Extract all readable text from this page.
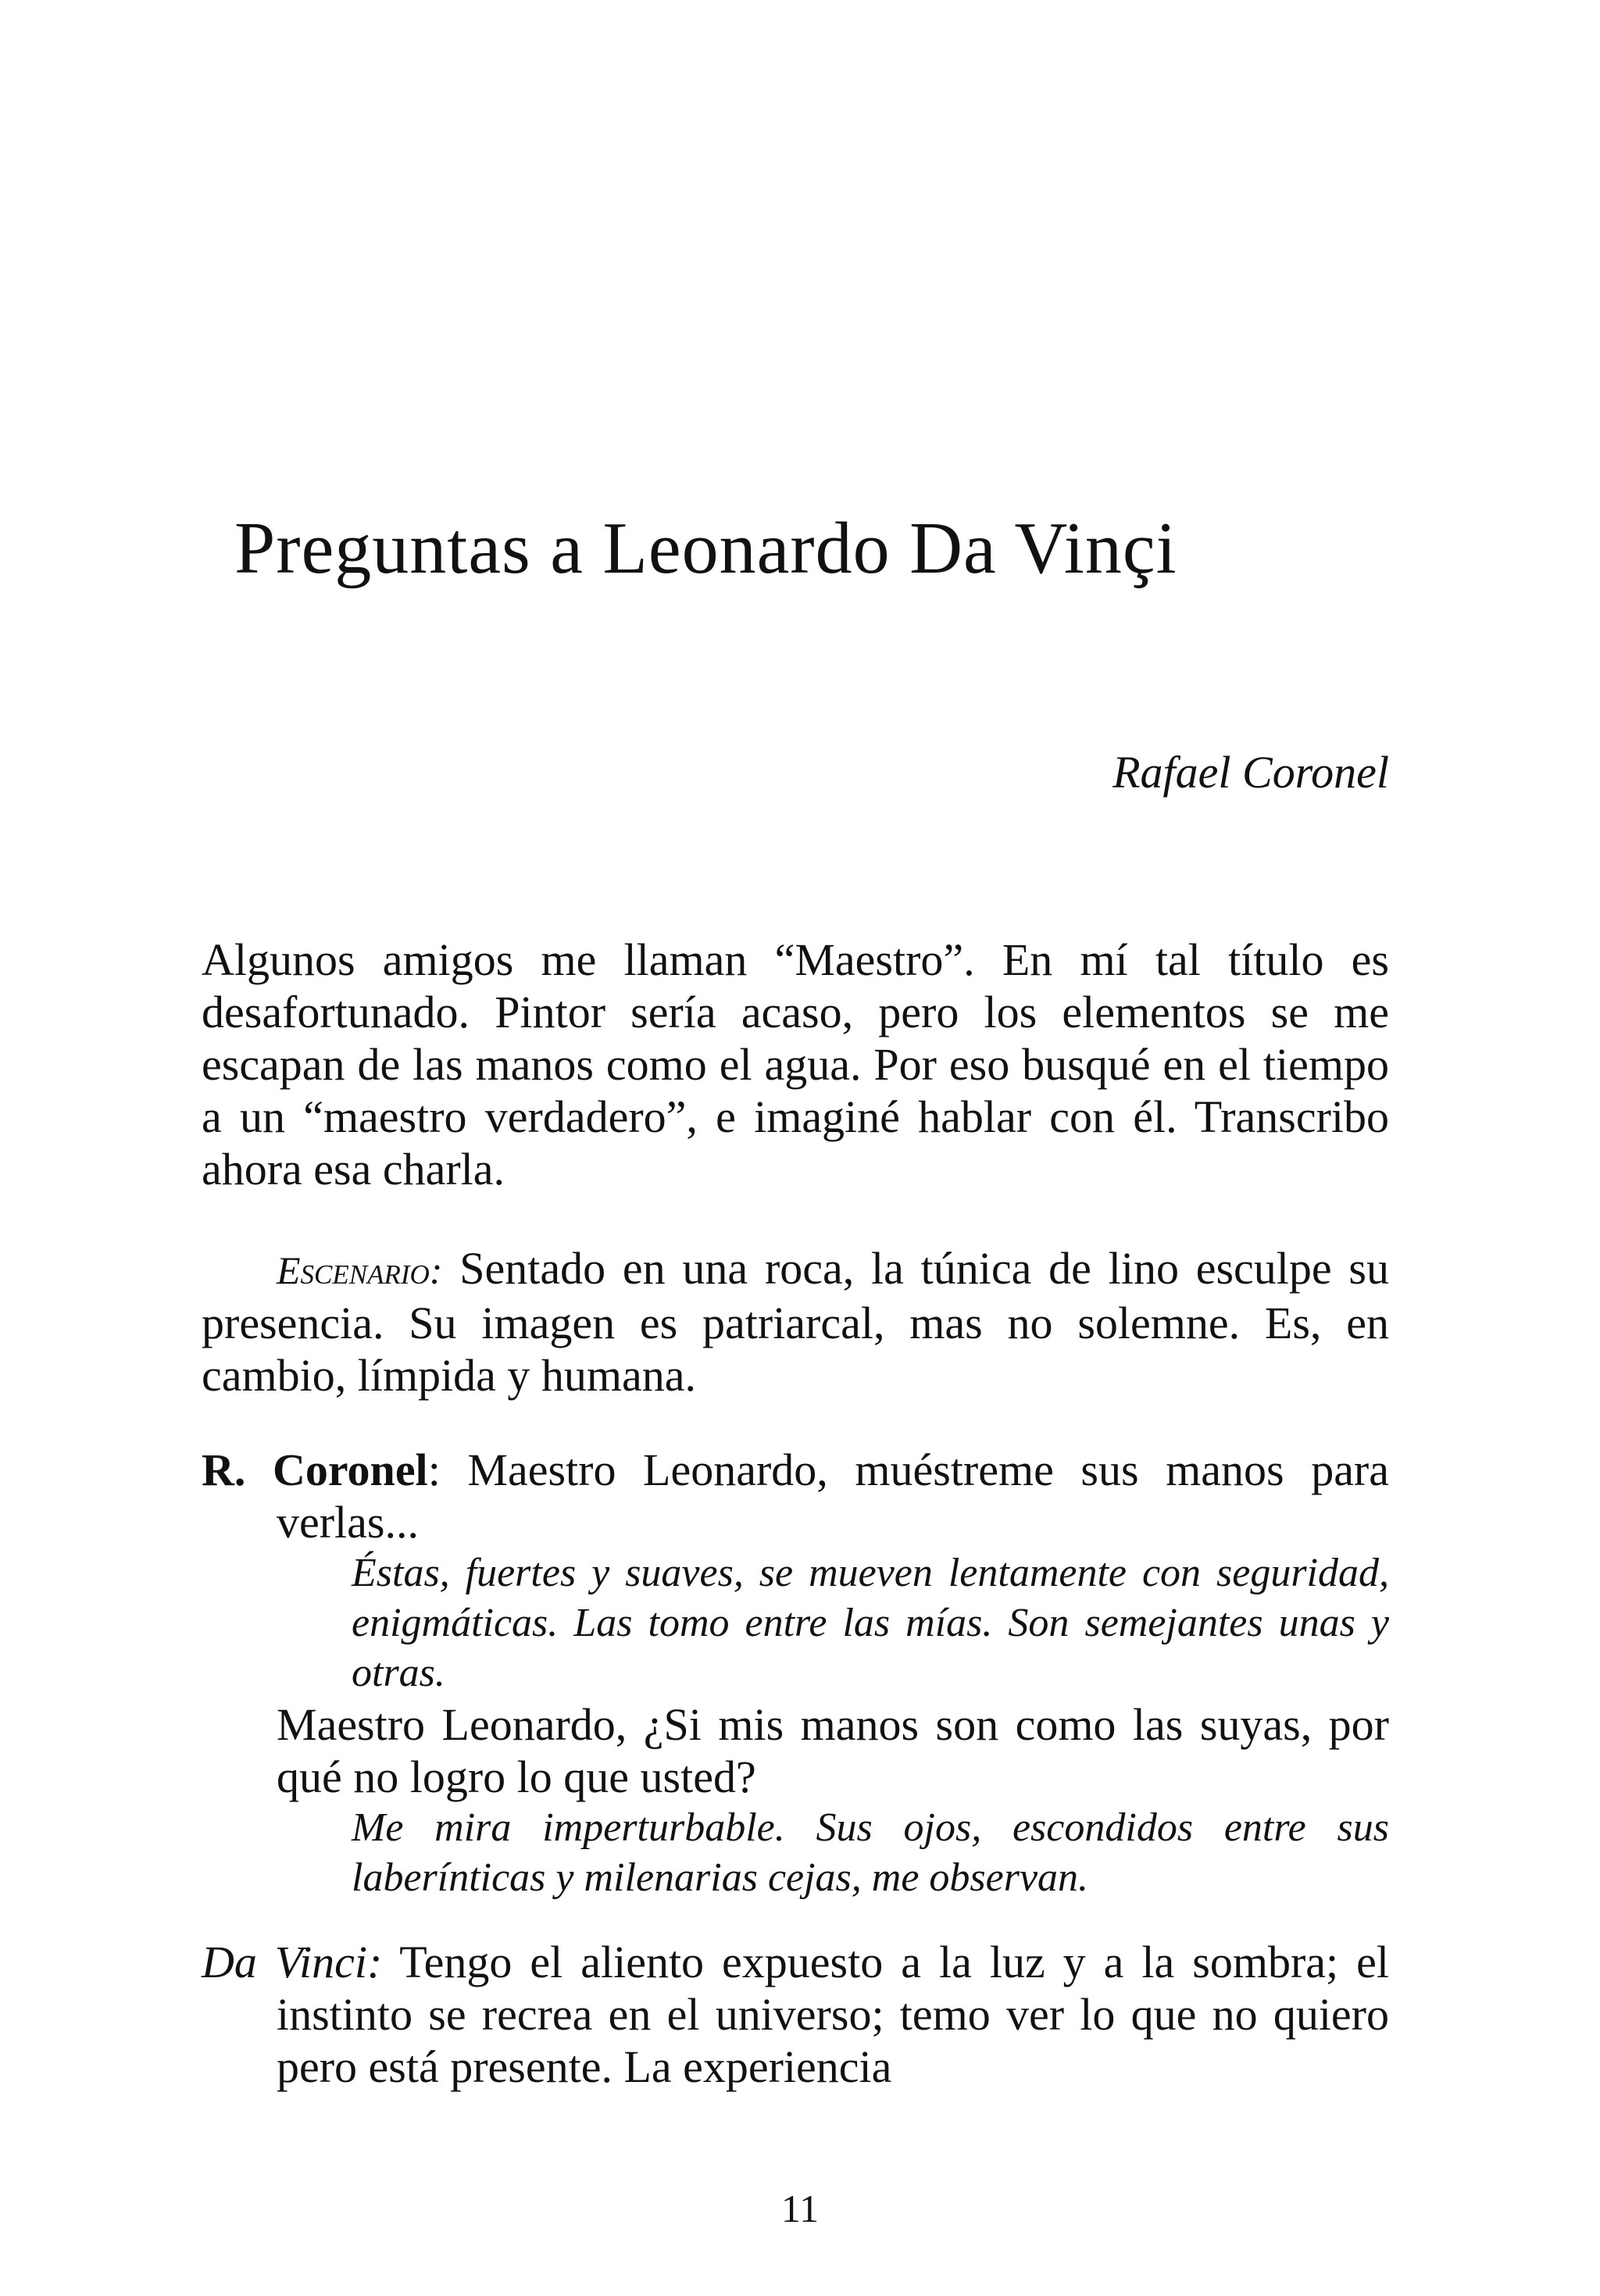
Preguntas a Leonardo Da Vinçi
Rafael Coronel
Algunos amigos me llaman “Maestro”. En mí tal título es desafortunado. Pintor sería acaso, pero los elementos se me escapan de las manos como el agua. Por eso busqué en el tiempo a un “maestro verdadero”, e imaginé hablar con él. Transcribo ahora esa charla.
Escenario: Sentado en una roca, la túnica de lino esculpe su presencia. Su imagen es patriarcal, mas no solemne. Es, en cambio, límpida y humana.
R. Coronel: Maestro Leonardo, muéstreme sus manos para verlas...
Éstas, fuertes y suaves, se mueven lentamente con seguridad, enigmáticas. Las tomo entre las mías. Son semejantes unas y otras.
Maestro Leonardo, ¿Si mis manos son como las suyas, por qué no logro lo que usted?
Me mira imperturbable. Sus ojos, escondidos entre sus laberínticas y milenarias cejas, me observan.
Da Vinci: Tengo el aliento expuesto a la luz y a la sombra; el instinto se recrea en el universo; temo ver lo que no quiero pero está presente. La experiencia
11
